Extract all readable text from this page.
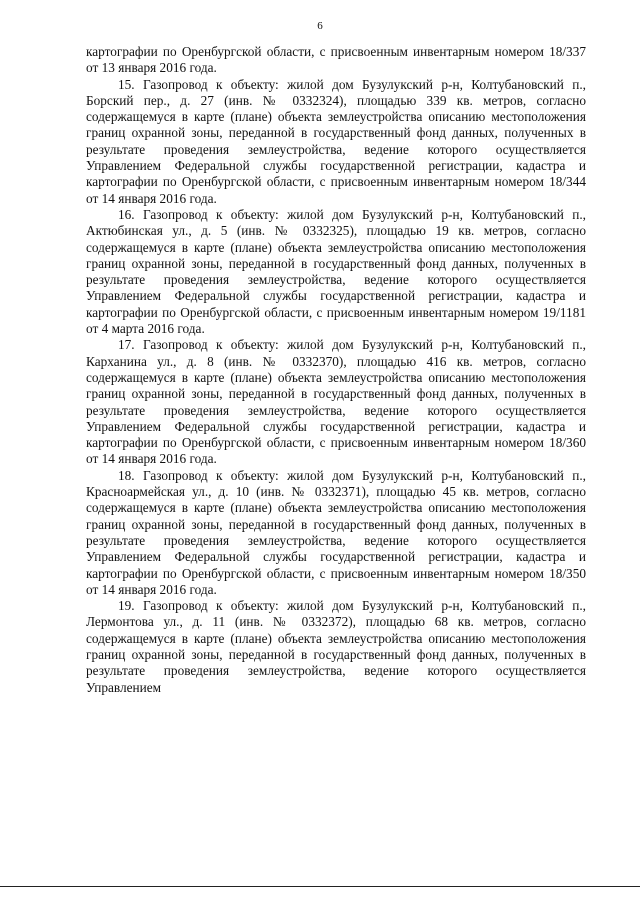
6

картографии по Оренбургской области, с присвоенным инвентарным номером 18/337 от 13 января 2016 года.

15. Газопровод к объекту: жилой дом Бузулукский р-н, Колтубановский п., Борский пер., д. 27 (инв. № 0332324), площадью 339 кв. метров, согласно содержащемуся в карте (плане) объекта землеустройства описанию местоположения границ охранной зоны, переданной в государственный фонд данных, полученных в результате проведения землеустройства, ведение которого осуществляется Управлением Федеральной службы государственной регистрации, кадастра и картографии по Оренбургской области, с присвоенным инвентарным номером 18/344 от 14 января 2016 года.

16. Газопровод к объекту: жилой дом Бузулукский р-н, Колтубановский п., Актюбинская ул., д. 5 (инв. № 0332325), площадью 19 кв. метров, согласно содержащемуся в карте (плане) объекта землеустройства описанию местоположения границ охранной зоны, переданной в государственный фонд данных, полученных в результате проведения землеустройства, ведение которого осуществляется Управлением Федеральной службы государственной регистрации, кадастра и картографии по Оренбургской области, с присвоенным инвентарным номером 19/1181 от 4 марта 2016 года.

17. Газопровод к объекту: жилой дом Бузулукский р-н, Колтубановский п., Карханина ул., д. 8 (инв. № 0332370), площадью 416 кв. метров, согласно содержащемуся в карте (плане) объекта землеустройства описанию местоположения границ охранной зоны, переданной в государственный фонд данных, полученных в результате проведения землеустройства, ведение которого осуществляется Управлением Федеральной службы государственной регистрации, кадастра и картографии по Оренбургской области, с присвоенным инвентарным номером 18/360 от 14 января 2016 года.

18. Газопровод к объекту: жилой дом Бузулукский р-н, Колтубановский п., Красноармейская ул., д. 10 (инв. № 0332371), площадью 45 кв. метров, согласно содержащемуся в карте (плане) объекта землеустройства описанию местоположения границ охранной зоны, переданной в государственный фонд данных, полученных в результате проведения землеустройства, ведение которого осуществляется Управлением Федеральной службы государственной регистрации, кадастра и картографии по Оренбургской области, с присвоенным инвентарным номером 18/350 от 14 января 2016 года.

19. Газопровод к объекту: жилой дом Бузулукский р-н, Колтубановский п., Лермонтова ул., д. 11 (инв. № 0332372), площадью 68 кв. метров, согласно содержащемуся в карте (плане) объекта землеустройства описанию местоположения границ охранной зоны, переданной в государственный фонд данных, полученных в результате проведения землеустройства, ведение которого осуществляется Управлением
